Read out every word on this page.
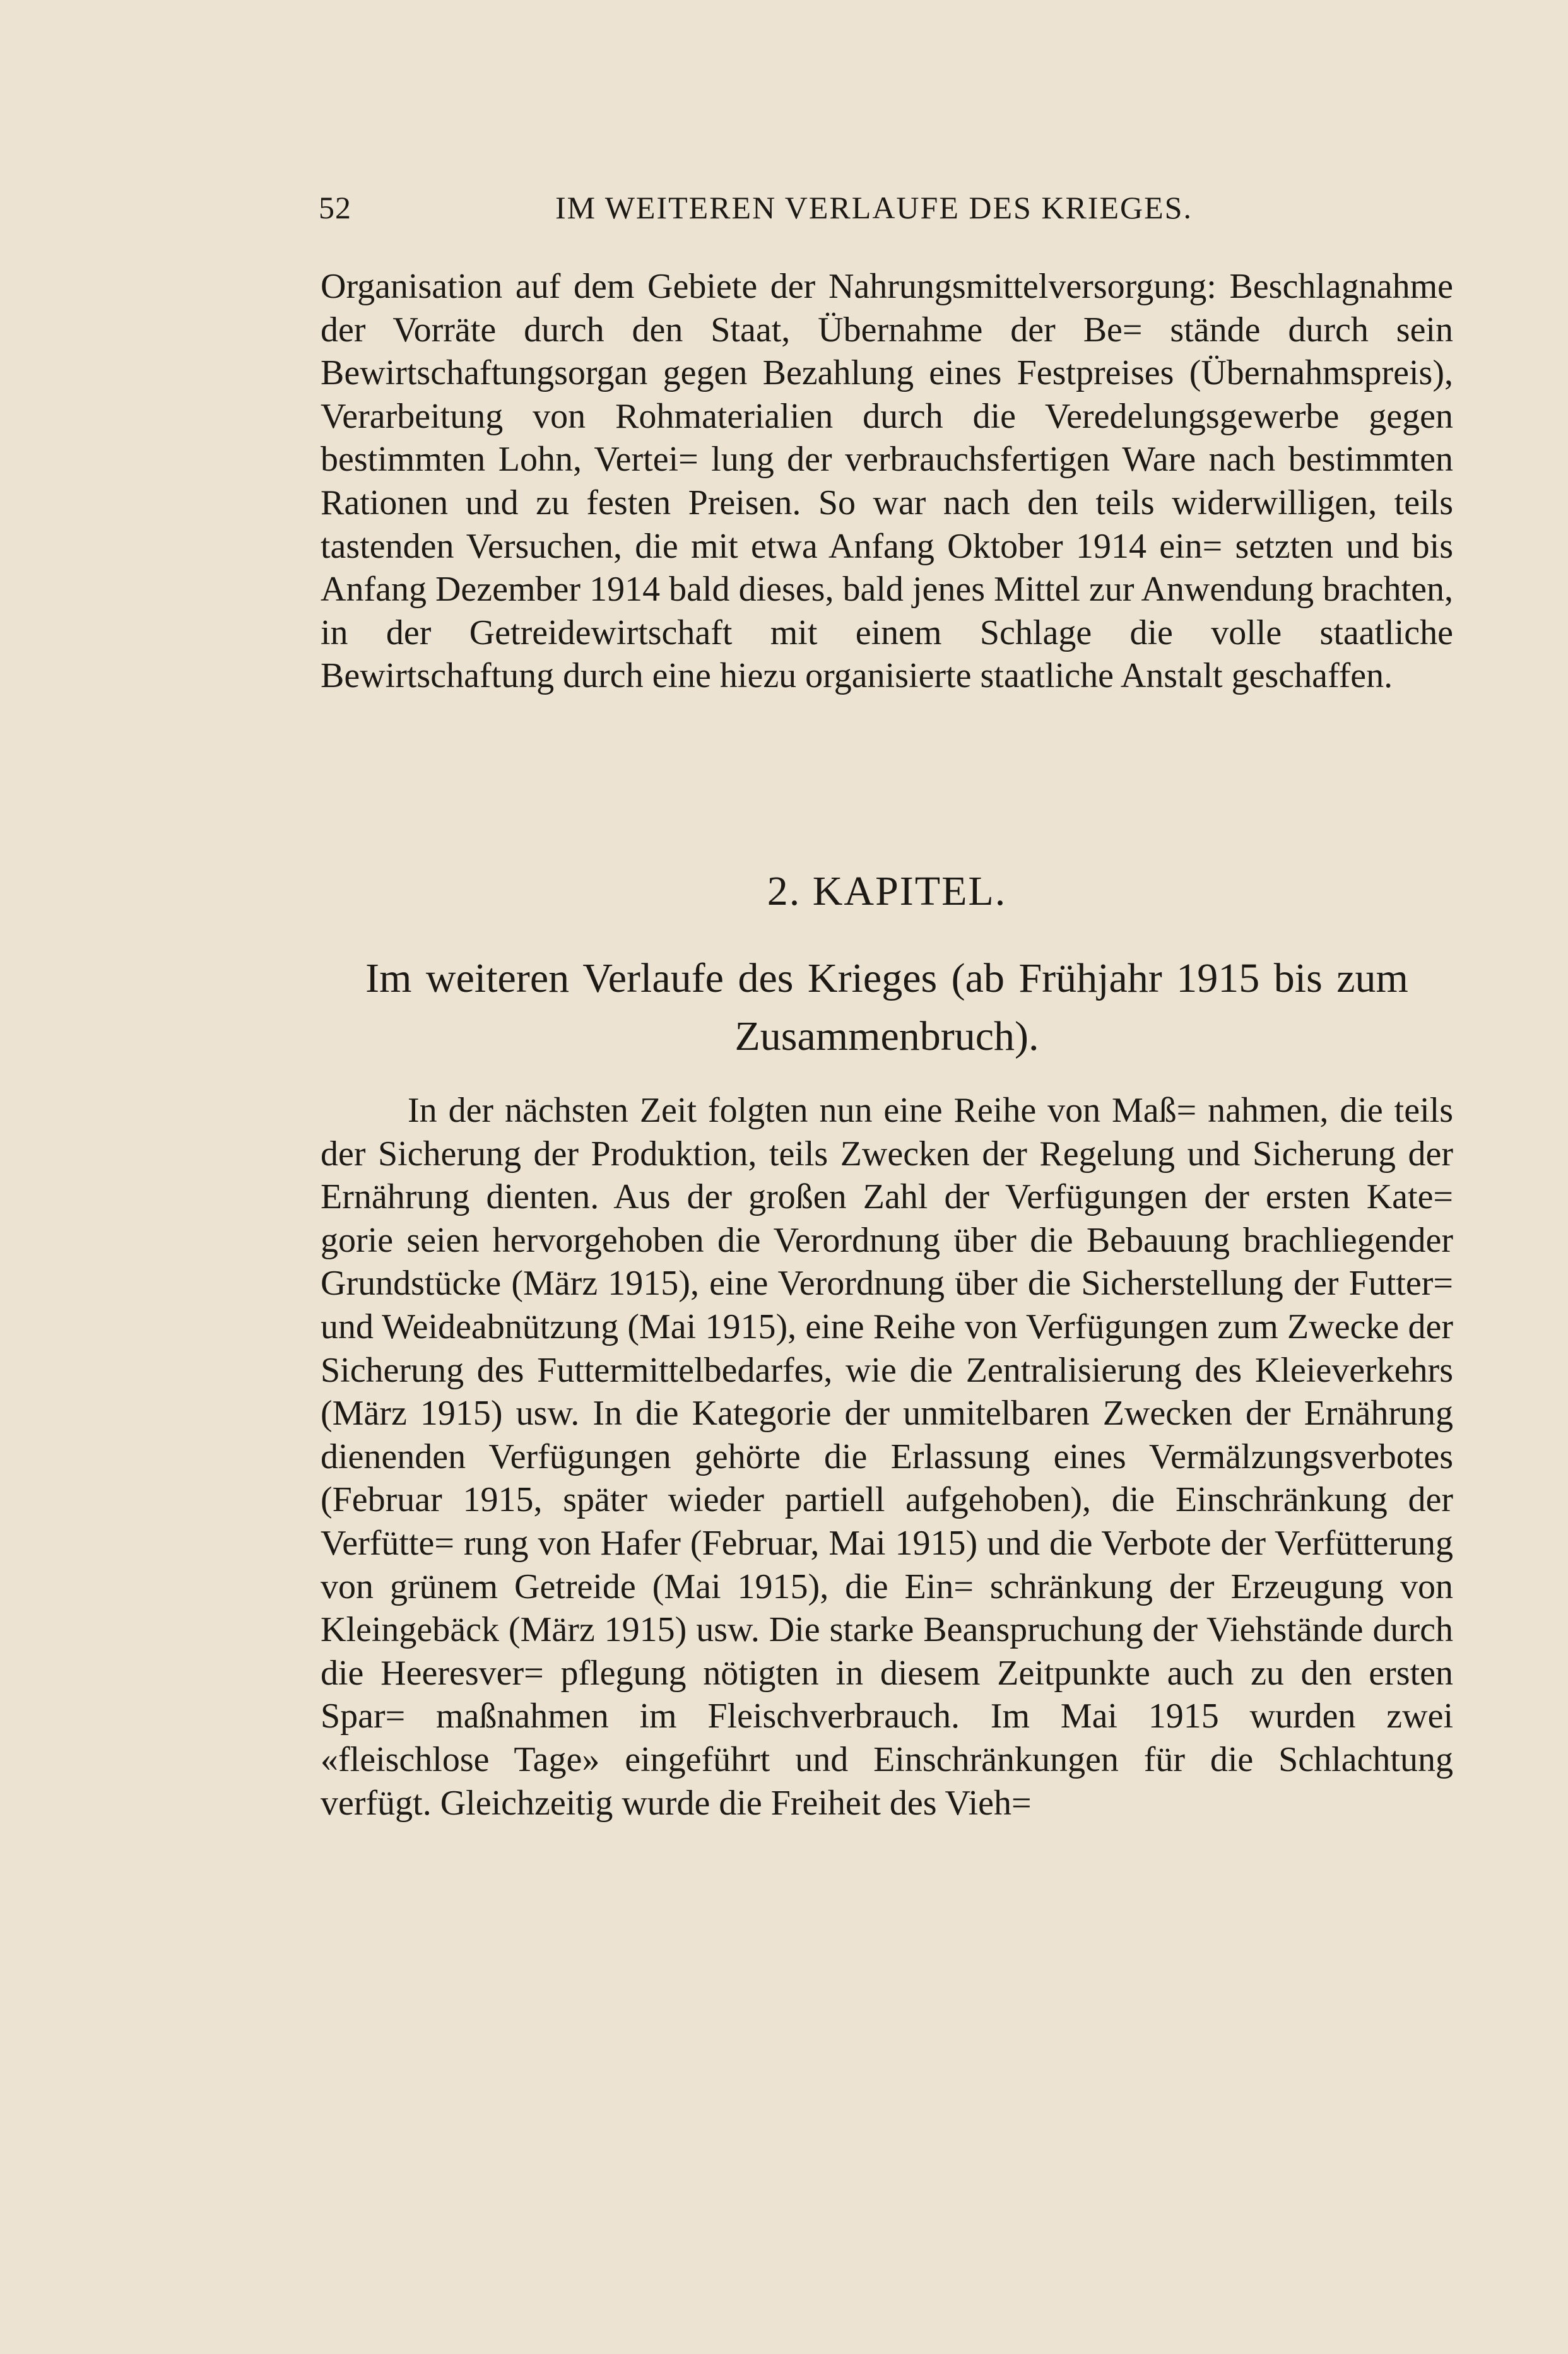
52	IM WEITEREN VERLAUFE DES KRIEGES.

Organisation auf dem Gebiete der Nahrungsmittelversorgung: Beschlagnahme der Vorräte durch den Staat, Übernahme der Be= stände durch sein Bewirtschaftungsorgan gegen Bezahlung eines Festpreises (Übernahmspreis), Verarbeitung von Rohmaterialien durch die Veredelungsgewerbe gegen bestimmten Lohn, Vertei= lung der verbrauchsfertigen Ware nach bestimmten Rationen und zu festen Preisen. So war nach den teils widerwilligen, teils tastenden Versuchen, die mit etwa Anfang Oktober 1914 ein= setzten und bis Anfang Dezember 1914 bald dieses, bald jenes Mittel zur Anwendung brachten, in der Getreidewirtschaft mit einem Schlage die volle staatliche Bewirtschaftung durch eine hiezu organisierte staatliche Anstalt geschaffen.

2. KAPITEL.
Im weiteren Verlaufe des Krieges (ab Frühjahr 1915 bis zum Zusammenbruch).

In der nächsten Zeit folgten nun eine Reihe von Maß= nahmen, die teils der Sicherung der Produktion, teils Zwecken der Regelung und Sicherung der Ernährung dienten. Aus der großen Zahl der Verfügungen der ersten Kate= gorie seien hervorgehoben die Verordnung über die Bebauung brachliegender Grundstücke (März 1915), eine Verordnung über die Sicherstellung der Futter= und Weideabnützung (Mai 1915), eine Reihe von Verfügungen zum Zwecke der Sicherung des Futtermittelbedarfes, wie die Zentralisierung des Kleieverkehrs (März 1915) usw. In die Kategorie der unmitelbaren Zwecken der Ernährung dienenden Verfügungen gehörte die Erlassung eines Vermälzungsverbotes (Februar 1915, später wieder partiell aufgehoben), die Einschränkung der Verfütte= rung von Hafer (Februar, Mai 1915) und die Verbote der Verfütterung von grünem Getreide (Mai 1915), die Ein= schränkung der Erzeugung von Kleingebäck (März 1915) usw. Die starke Beanspruchung der Viehstände durch die Heeresver= pflegung nötigten in diesem Zeitpunkte auch zu den ersten Spar= maßnahmen im Fleischverbrauch. Im Mai 1915 wurden zwei «fleischlose Tage» eingeführt und Einschränkungen für die Schlachtung verfügt. Gleichzeitig wurde die Freiheit des Vieh=
